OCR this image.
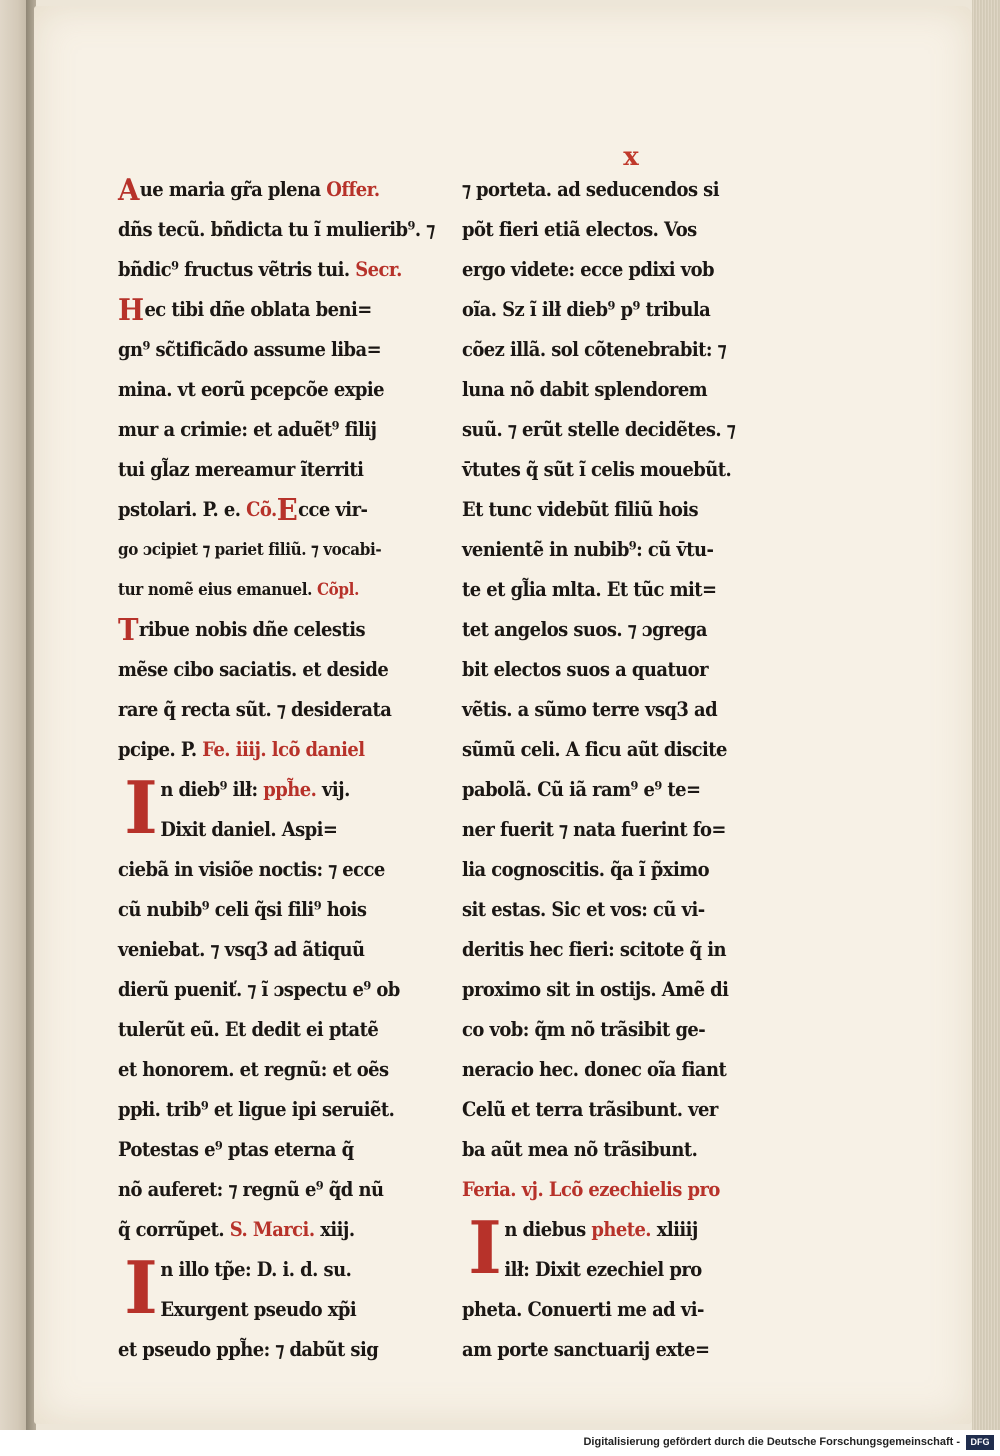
x
Aue maria gr̃a plena Offer.
dñs tecũ. bñdicta tu ĩ mulierib⁹. ⁊
bñdic⁹ fructus vẽtris tui. Secr.
Hec tibi dñe oblata beni=
gn⁹ sc̃tificãdo assume liba=
mina. vt eorũ pcepcõe expie
mur a crimie: et aduẽt⁹ filij
tui gl̃az mereamur ĩterriti
pstolari. P. e. Cõ.Ecce vir-
go ɔcipiet ⁊ pariet filiũ. ⁊ vocabi-
tur nomẽ eius emanuel. Cõpl.
Tribue nobis dñe celestis
mẽse cibo saciatis. et deside
rare q̃ recta sũt. ⁊ desiderata
pcipe. P. Fe. iiij. lcõ daniel
I n dieb⁹ ilł: pph̃e. vij.
Dixit daniel. Aspi=
ciebã in visiõe noctis: ⁊ ecce
cũ nubib⁹ celi q̃si fili⁹ hois
veniebat. ⁊ vsq3 ad ãtiquũ
dierũ pueniť. ⁊ ĩ ɔspectu e⁹ ob
tulerũt eũ. Et dedit ei ptatẽ
et honorem. et regnũ: et oẽs
ppłi. trib⁹ et ligue ipi seruiẽt.
Potestas e⁹ ptas eterna q̃
nõ auferet: ⁊ regnũ e⁹ q̃d nũ
q̃ corrũpet. S. Marci. xiij.
I n illo tp̃e: D. i. d. su.
Exurgent pseudo xp̃i
et pseudo pph̃e: ⁊ dabũt sig
⁊ porteta. ad seducendos si
põt fieri etiã electos. Vos
ergo videte: ecce pdixi vob
oĩa. Sz ĩ ilł dieb⁹ p⁹ tribula
cõez illã. sol cõtenebrabit: ⁊
luna nõ dabit splendorem
suũ. ⁊ erũt stelle decidẽtes. ⁊
v̄tutes q̃ sũt ĩ celis mouebũt.
Et tunc videbũt filiũ hois
venientẽ in nubib⁹: cũ v̄tu-
te et gl̃ia mlta. Et tũc mit=
tet angelos suos. ⁊ ɔgrega
bit electos suos a quatuor
vẽtis. a sũmo terre vsq3 ad
sũmũ celi. A ficu aũt discite
pabolã. Cũ iã ram⁹ e⁹ te=
ner fuerit ⁊ nata fuerint fo=
lia cognoscitis. q̃a ĩ p̃ximo
sit estas. Sic et vos: cũ vi-
deritis hec fieri: scitote q̃ in
proximo sit in ostijs. Amẽ di
co vob: q̃m nõ trãsibit ge-
neracio hec. donec oĩa fiant
Celũ et terra trãsibunt. ver
ba aũt mea nõ trãsibunt.
Feria. vj. Lcõ ezechielis pro
I n diebus phete. xliiij
ilł: Dixit ezechiel pro
pheta. Conuerti me ad vi-
am porte sanctuarij exte=
Digitalisierung gefördert durch die Deutsche Forschungsgemeinschaft -	DFG
